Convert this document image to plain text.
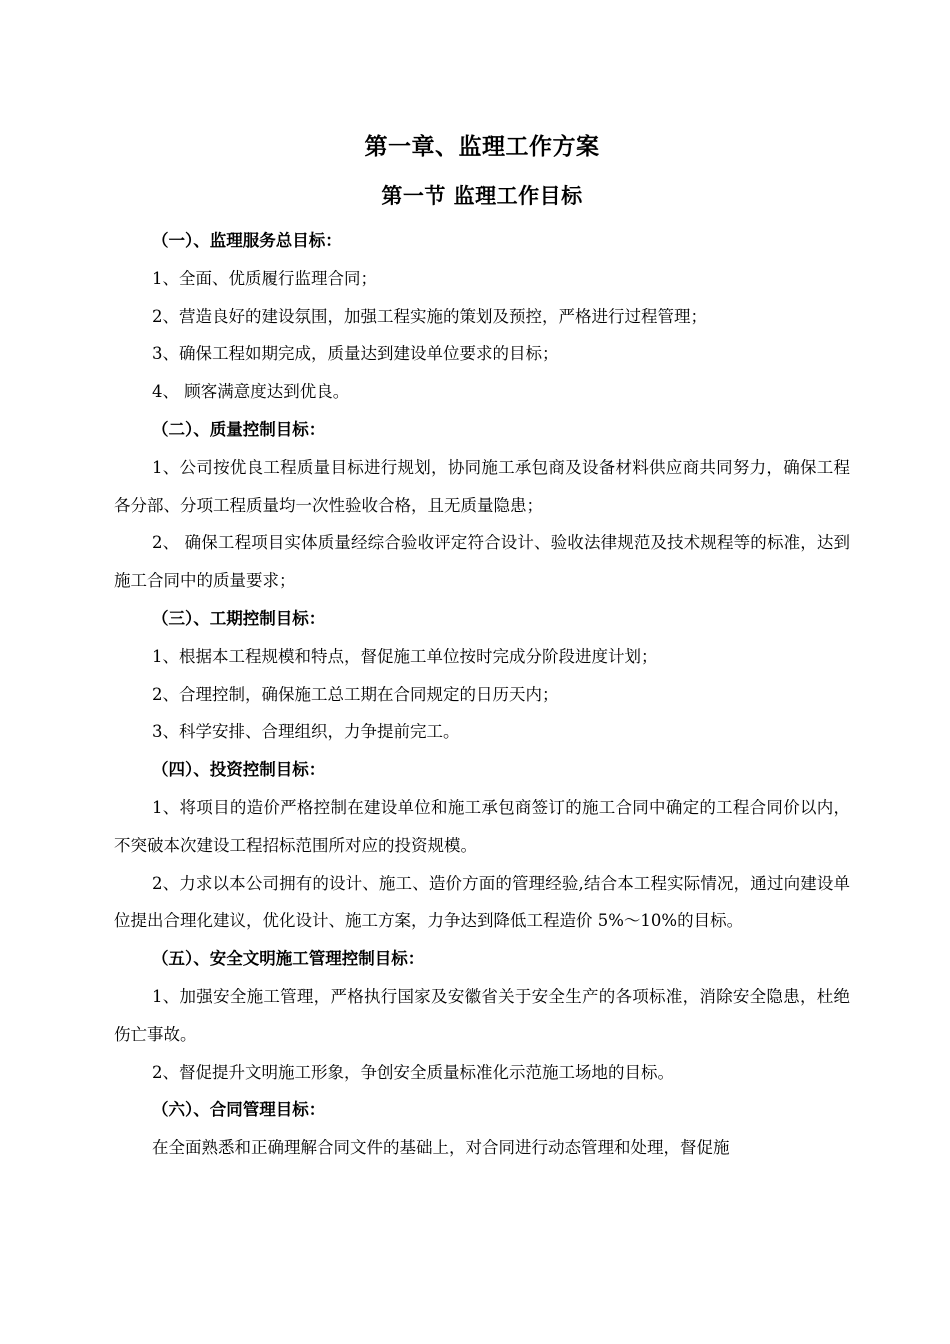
第一章、监理工作方案
第一节 监理工作目标
（一）、监理服务总目标：
1、全面、优质履行监理合同；
2、营造良好的建设氛围，加强工程实施的策划及预控，严格进行过程管理；
3、确保工程如期完成，质量达到建设单位要求的目标；
4、 顾客满意度达到优良。
（二）、质量控制目标：
1、公司按优良工程质量目标进行规划，协同施工承包商及设备材料供应商共同努力，确保工程各分部、分项工程质量均一次性验收合格，且无质量隐患；
2、 确保工程项目实体质量经综合验收评定符合设计、验收法律规范及技术规程等的标准，达到施工合同中的质量要求；
（三）、工期控制目标：
1、根据本工程规模和特点，督促施工单位按时完成分阶段进度计划；
2、合理控制，确保施工总工期在合同规定的日历天内；
3、科学安排、合理组织，力争提前完工。
（四）、投资控制目标：
1、将项目的造价严格控制在建设单位和施工承包商签订的施工合同中确定的工程合同价以内，不突破本次建设工程招标范围所对应的投资规模。
2、力求以本公司拥有的设计、施工、造价方面的管理经验,结合本工程实际情况，通过向建设单位提出合理化建议，优化设计、施工方案，力争达到降低工程造价 5%～10%的目标。
（五）、安全文明施工管理控制目标：
1、加强安全施工管理，严格执行国家及安徽省关于安全生产的各项标准，消除安全隐患，杜绝伤亡事故。
2、督促提升文明施工形象，争创安全质量标准化示范施工场地的目标。
（六）、合同管理目标：
在全面熟悉和正确理解合同文件的基础上，对合同进行动态管理和处理，督促施
